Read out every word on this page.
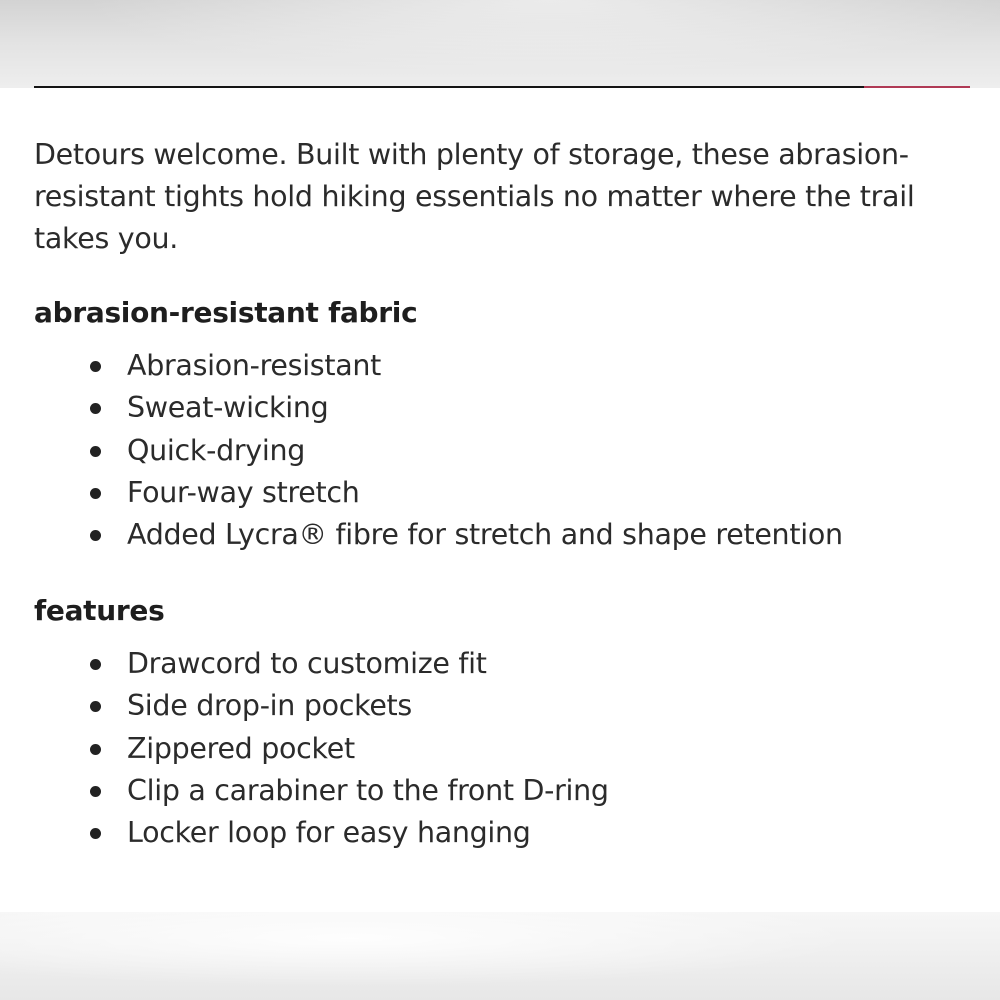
Detours welcome. Built with plenty of storage, these abrasion-resistant tights hold hiking essentials no matter where the trail takes you.

abrasion-resistant fabric
Abrasion-resistant
Sweat-wicking
Quick-drying
Four-way stretch
Added Lycra® fibre for stretch and shape retention
features
Drawcord to customize fit
Side drop-in pockets
Zippered pocket
Clip a carabiner to the front D-ring
Locker loop for easy hanging
